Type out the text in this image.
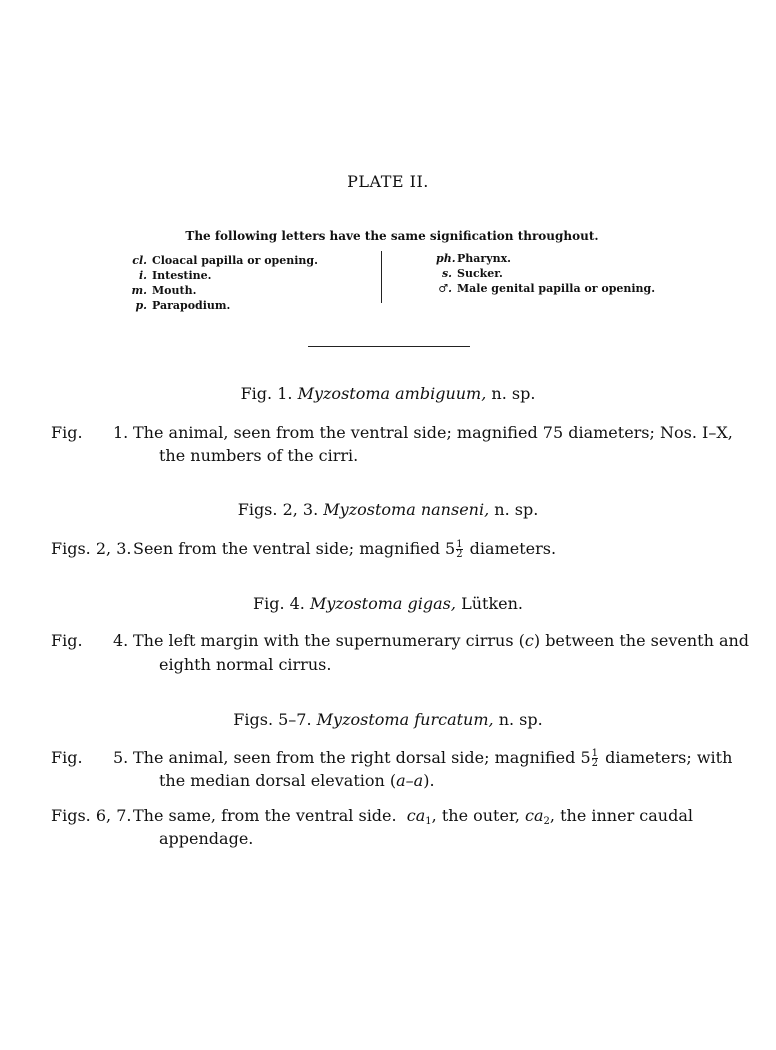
PLATE II.
The following letters have the same signification throughout.
cl. Cloacal papilla or opening.
i. Intestine.
m. Mouth.
p. Parapodium.
ph.Pharynx.
s. Sucker.
♂. Male genital papilla or opening.
Fig. 1. Myzostoma ambiguum, n. sp.
Fig. 1. The animal, seen from the ventral side; magnified 75 diameters; Nos. I–X,
the numbers of the cirri.
Figs. 2, 3. Myzostoma nanseni, n. sp.
Figs. 2, 3. Seen from the ventral side; magnified $5 \frac{1}{2}$ diameters.
Fig. 4. Myzostoma gigas, Lütken.
Fig. 4. The left margin with the supernumerary cirrus (c) between the seventh and
eighth normal cirrus.
Figs. 5–7. Myzostoma furcatum, n. sp.
Fig. 5. The animal, seen from the right dorsal side; magnified $5 \frac{1}{2}$ diameters; with
the median dorsal elevation (a–a).
Figs. 6, 7. The same, from the ventral side. $ca_1$, the outer, $ca_2$, the inner caudal
appendage.
